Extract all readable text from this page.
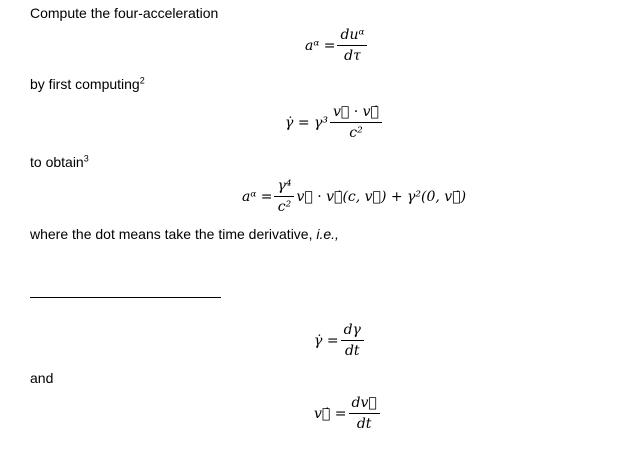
Compute the four-acceleration
aᵅ = $\frac{\text{duᵅ}}{d\tau}$
by first computing$^2$
γ̇ = $\gamma^3 \frac{v⃗ \cdot v⃗̇}{\text{c²}}$
to obtain$^3$
aᵅ = $\frac{\text{γ⁴}}{\text{c²}}$ v⃗ · v⃗̇(c, v⃗) + γ²(0, v⃗̇)
where the dot means take the time derivative, i.e.,
γ̇ = $\frac{d\gamma}{dt}$
and
v⃗̇ = $\frac{dv⃗}{dt}$
